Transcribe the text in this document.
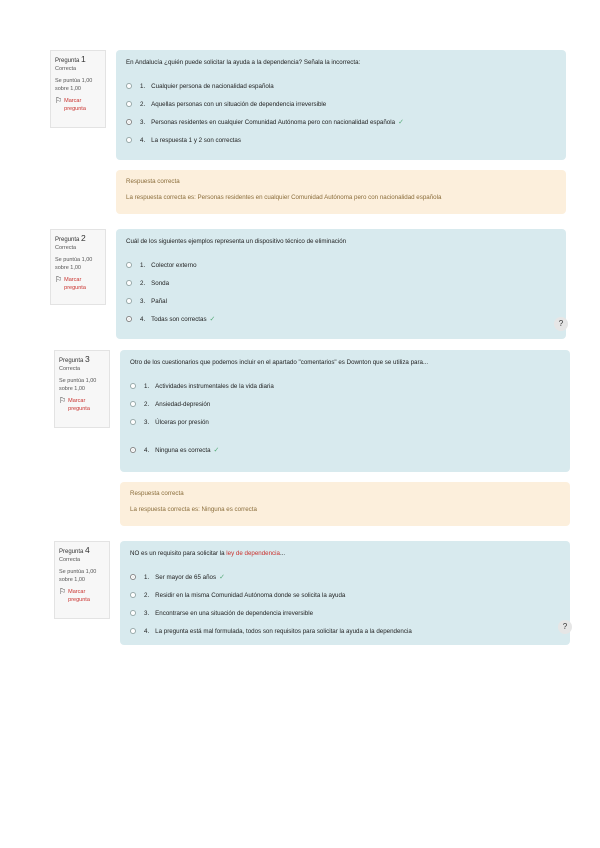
Pregunta 1
Correcta
Se puntúa 1,00
sobre 1,00
⚐ Marcar
pregunta
En Andalucía ¿quién puede solicitar la ayuda a la dependencia? Señala la incorrecta:
1. Cualquier persona de nacionalidad española
2. Aquellas personas con un situación de dependencia irreversible
3. Personas residentes en cualquier Comunidad Autónoma pero con nacionalidad española ✓
4. La respuesta 1 y 2 son correctas
Respuesta correcta
La respuesta correcta es: Personas residentes en cualquier Comunidad Autónoma pero con nacionalidad española
Pregunta 2
Correcta
Se puntúa 1,00
sobre 1,00
⚐ Marcar
pregunta
Cuál de los siguientes ejemplos representa un dispositivo técnico de eliminación
1. Colector externo
2. Sonda
3. Pañal
4. Todas son correctas ✓	?
Pregunta 3
Correcta
Se puntúa 1,00
sobre 1,00
⚐ Marcar
pregunta
Otro de los cuestionarios que podemos incluir en el apartado "comentarios" es Downton que se utiliza para...
1. Actividades instrumentales de la vida diaria
2. Ansiedad-depresión
3. Úlceras por presión
4. Ninguna es correcta ✓
Respuesta correcta
La respuesta correcta es: Ninguna es correcta
Pregunta 4
Correcta
Se puntúa 1,00
sobre 1,00
⚐ Marcar
pregunta
NO es un requisito para solicitar la ley de dependencia...
1. Ser mayor de 65 años ✓
2. Residir en la misma Comunidad Autónoma donde se solicita la ayuda
3. Encontrarse en una situación de dependencia irreversible
4. La pregunta está mal formulada, todos son requisitos para solicitar la ayuda a la dependencia	?
